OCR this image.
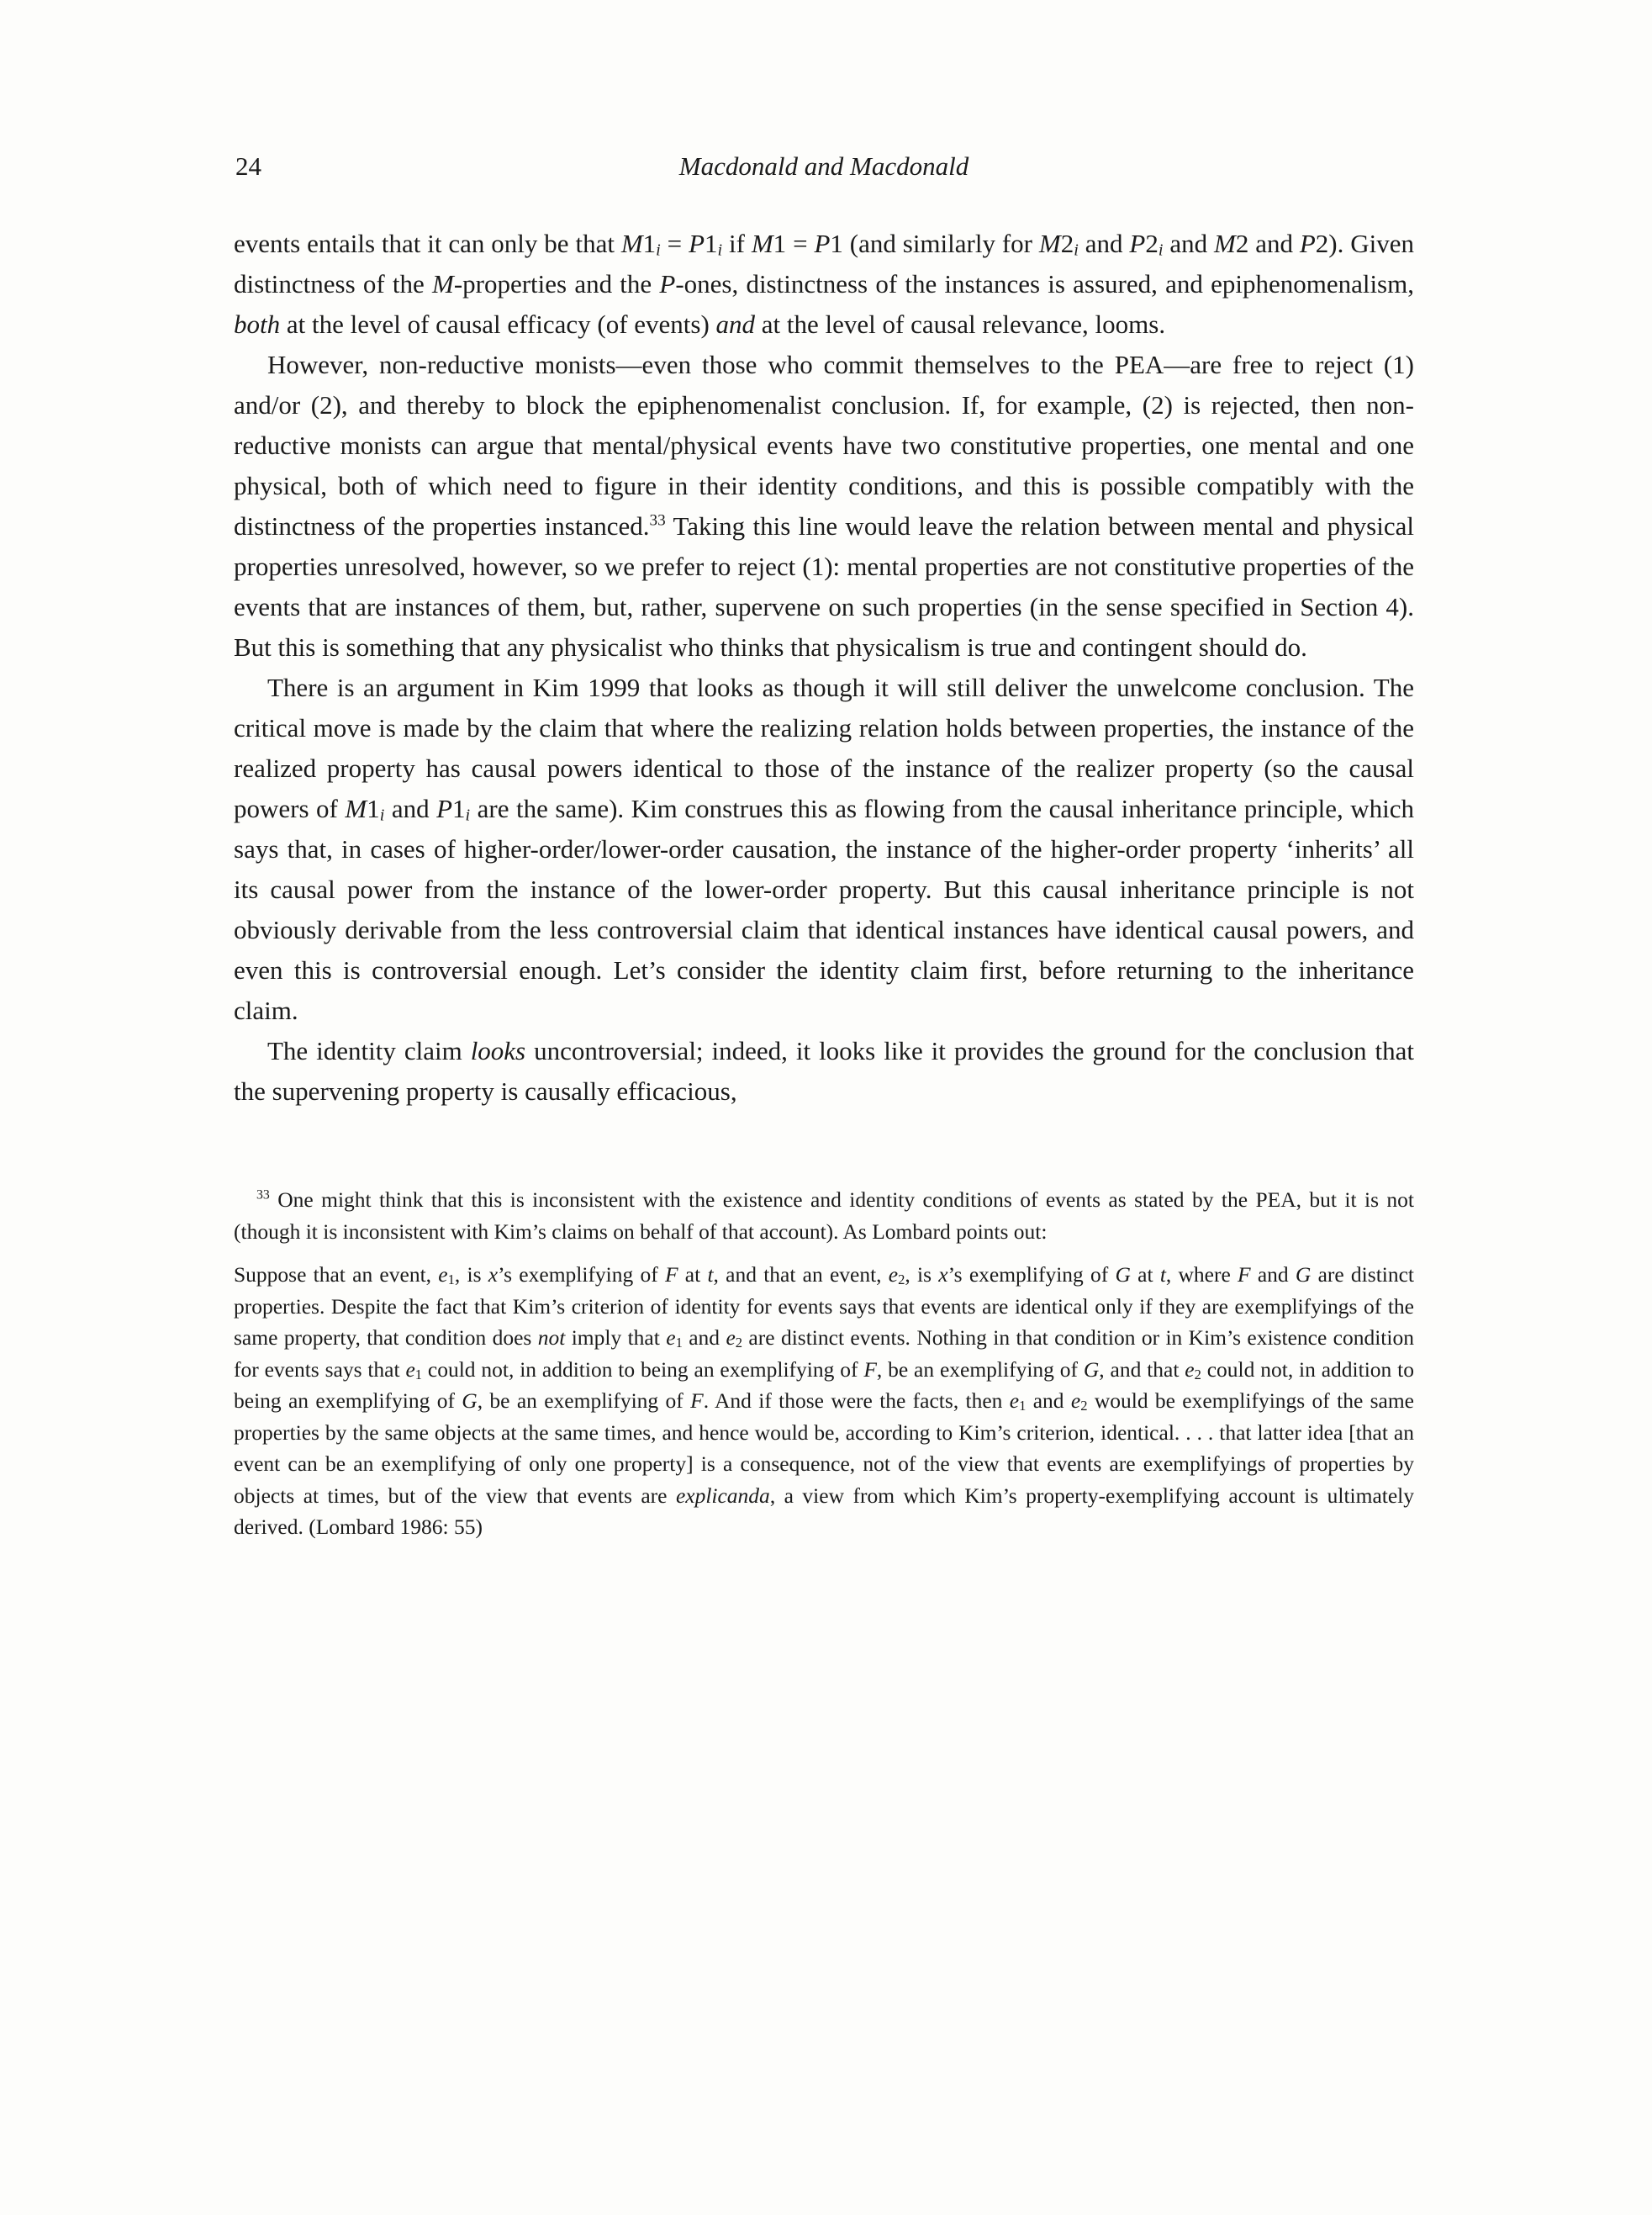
24	Macdonald and Macdonald

events entails that it can only be that M1i = P1i if M1 = P1 (and similarly for M2i and P2i and M2 and P2). Given distinctness of the M-properties and the P-ones, distinctness of the instances is assured, and epiphenomenalism, both at the level of causal efficacy (of events) and at the level of causal relevance, looms.

However, non-reductive monists—even those who commit themselves to the PEA—are free to reject (1) and/or (2), and thereby to block the epiphenomenalist conclusion. If, for example, (2) is rejected, then non-reductive monists can argue that mental/physical events have two constitutive properties, one mental and one physical, both of which need to figure in their identity conditions, and this is possible compatibly with the distinctness of the properties instanced.$^{33}$ Taking this line would leave the relation between mental and physical properties unresolved, however, so we prefer to reject (1): mental properties are not constitutive properties of the events that are instances of them, but, rather, supervene on such properties (in the sense specified in Section 4). But this is something that any physicalist who thinks that physicalism is true and contingent should do.

There is an argument in Kim 1999 that looks as though it will still deliver the unwelcome conclusion. The critical move is made by the claim that where the realizing relation holds between properties, the instance of the realized property has causal powers identical to those of the instance of the realizer property (so the causal powers of M1i and P1i are the same). Kim construes this as flowing from the causal inheritance principle, which says that, in cases of higher-order/lower-order causation, the instance of the higher-order property ‘inherits’ all its causal power from the instance of the lower-order property. But this causal inheritance principle is not obviously derivable from the less controversial claim that identical instances have identical causal powers, and even this is controversial enough. Let’s consider the identity claim first, before returning to the inheritance claim.

The identity claim looks uncontroversial; indeed, it looks like it provides the ground for the conclusion that the supervening property is causally efficacious,

$^{33}$ One might think that this is inconsistent with the existence and identity conditions of events as stated by the PEA, but it is not (though it is inconsistent with Kim’s claims on behalf of that account). As Lombard points out:

Suppose that an event, e1, is x’s exemplifying of F at t, and that an event, e2, is x’s exemplifying of G at t, where F and G are distinct properties. Despite the fact that Kim’s criterion of identity for events says that events are identical only if they are exemplifyings of the same property, that condition does not imply that e1 and e2 are distinct events. Nothing in that condition or in Kim’s existence condition for events says that e1 could not, in addition to being an exemplifying of F, be an exemplifying of G, and that e2 could not, in addition to being an exemplifying of G, be an exemplifying of F. And if those were the facts, then e1 and e2 would be exemplifyings of the same properties by the same objects at the same times, and hence would be, according to Kim’s criterion, identical. . . . that latter idea [that an event can be an exemplifying of only one property] is a consequence, not of the view that events are exemplifyings of properties by objects at times, but of the view that events are explicanda, a view from which Kim’s property-exemplifying account is ultimately derived. (Lombard 1986: 55)
